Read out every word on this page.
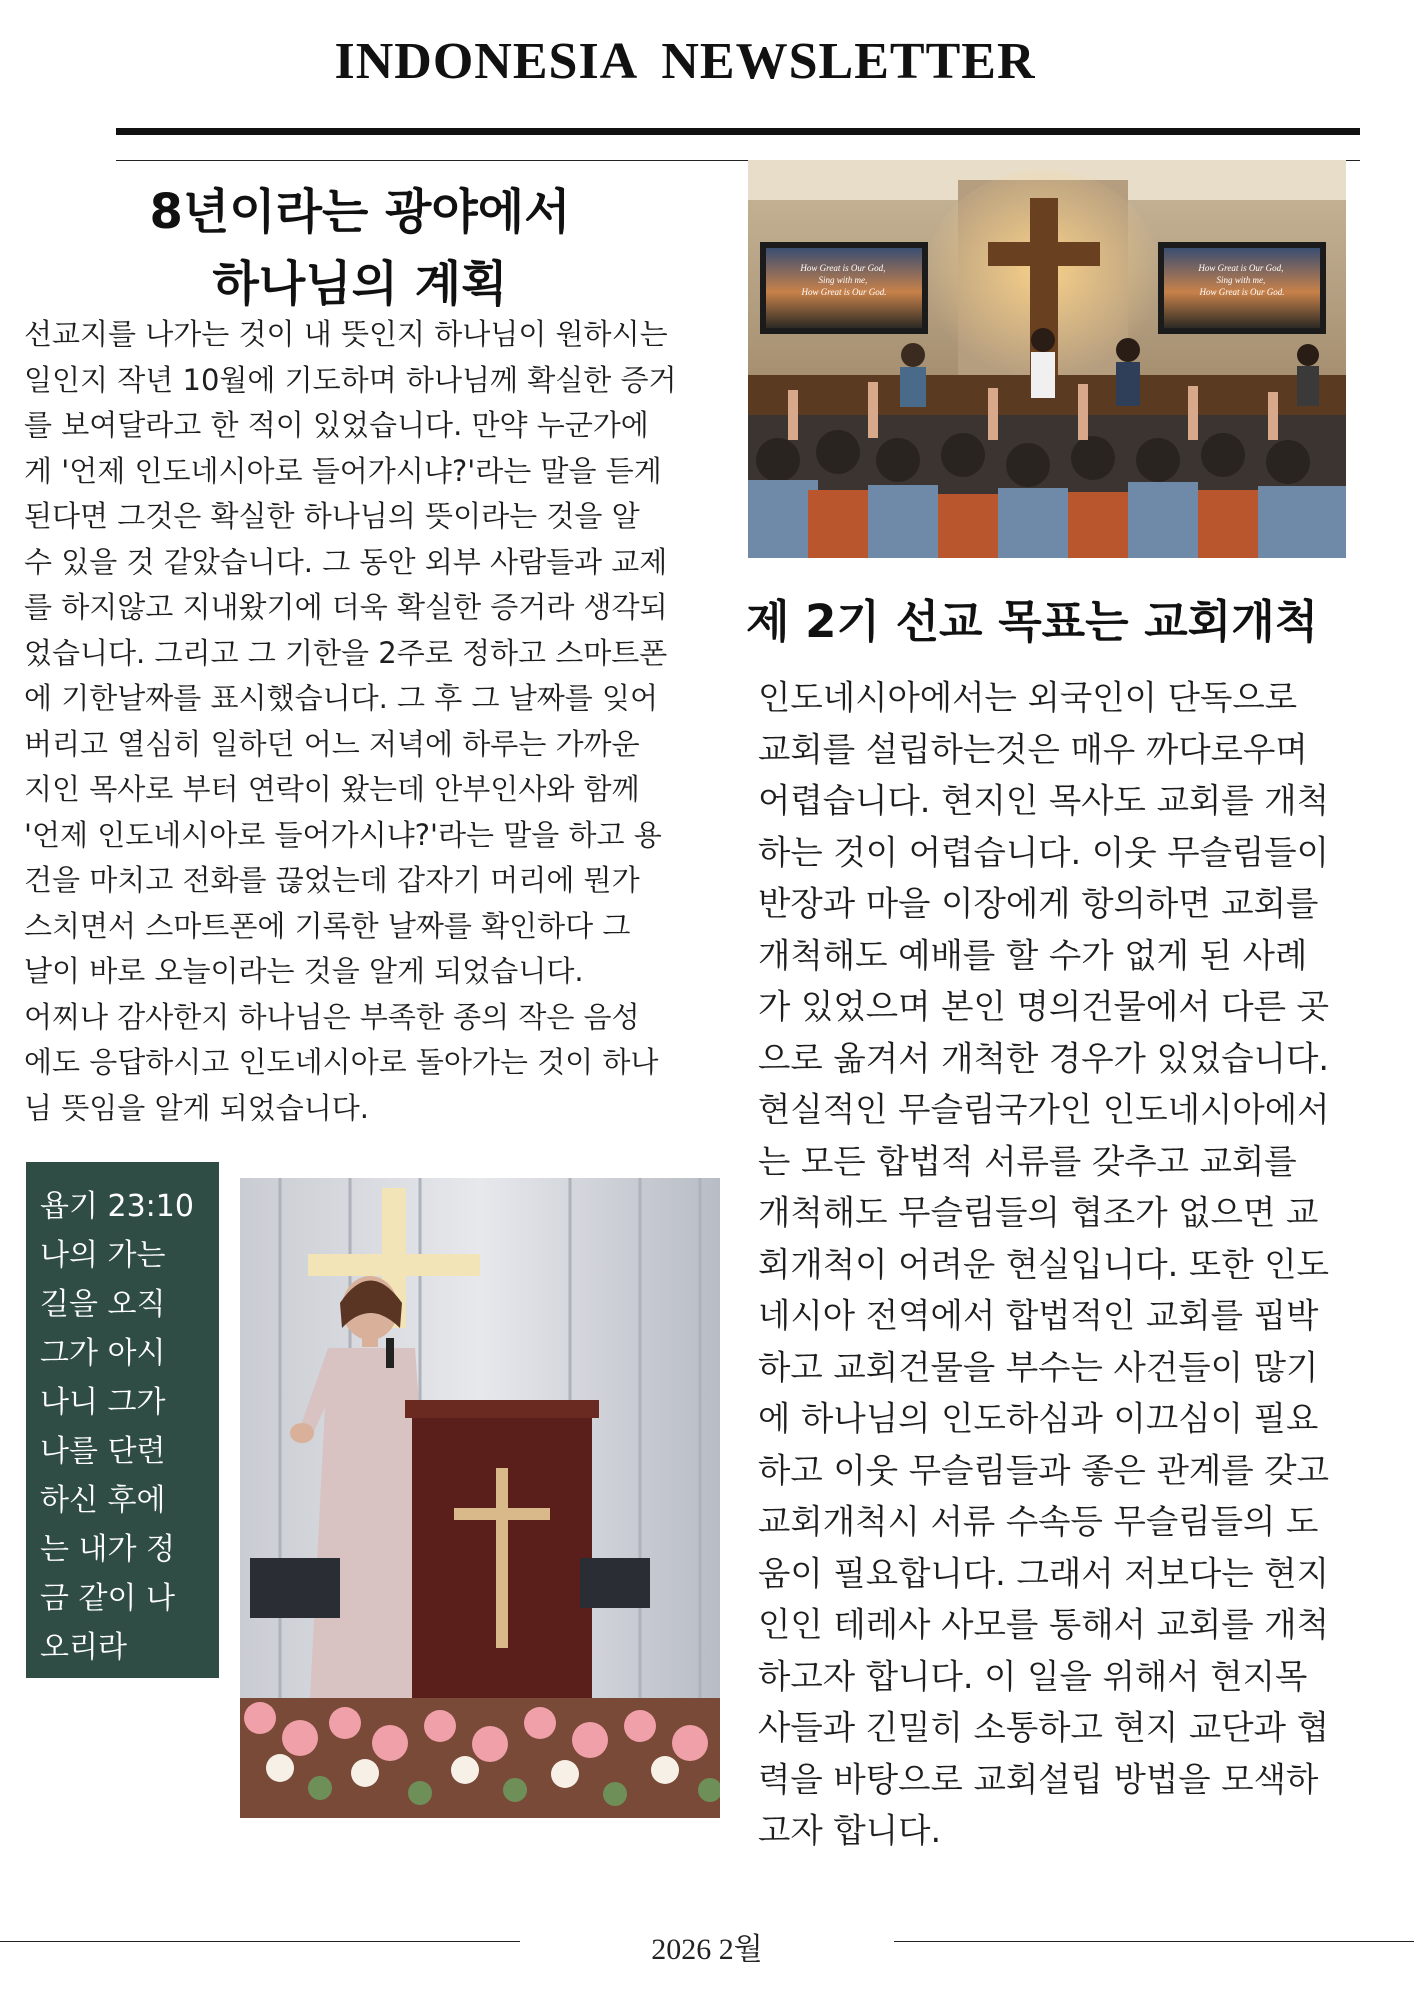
INDONESIA NEWSLETTER
8년이라는 광야에서
하나님의 계획
선교지를 나가는 것이 내 뜻인지 하나님이 원하시는
일인지 작년 10월에 기도하며 하나님께 확실한 증거
를 보여달라고 한 적이 있었습니다. 만약 누군가에
게 '언제 인도네시아로 들어가시냐?'라는 말을 듣게
된다면 그것은 확실한 하나님의 뜻이라는 것을 알
수 있을 것 같았습니다. 그 동안 외부 사람들과 교제
를 하지않고 지내왔기에 더욱 확실한 증거라 생각되
었습니다. 그리고 그 기한을 2주로 정하고 스마트폰
에 기한날짜를 표시했습니다. 그 후 그 날짜를 잊어
버리고 열심히 일하던 어느 저녁에 하루는 가까운
지인 목사로 부터 연락이 왔는데 안부인사와 함께
'언제 인도네시아로 들어가시냐?'라는 말을 하고 용
건을 마치고 전화를 끊었는데 갑자기 머리에 뭔가
스치면서 스마트폰에 기록한 날짜를 확인하다 그
날이 바로 오늘이라는 것을 알게 되었습니다.
어찌나 감사한지 하나님은 부족한 종의 작은 음성
에도 응답하시고 인도네시아로 돌아가는 것이 하나
님 뜻임을 알게 되었습니다.
욥기 23:10
나의 가는
길을 오직
그가 아시
나니 그가
나를 단련
하신 후에
는 내가 정
금 같이 나
오리라
How Great is Our God, Sing with me, How Great is Our God.
How Great is Our God, Sing with me, How Great is Our God.
제 2기 선교 목표는 교회개척
인도네시아에서는 외국인이 단독으로
교회를 설립하는것은 매우 까다로우며
어렵습니다. 현지인 목사도 교회를 개척
하는 것이 어렵습니다. 이웃 무슬림들이
반장과 마을 이장에게 항의하면 교회를
개척해도 예배를 할 수가 없게 된 사례
가 있었으며 본인 명의건물에서 다른 곳
으로 옮겨서 개척한 경우가 있었습니다.
현실적인 무슬림국가인 인도네시아에서
는 모든 합법적 서류를 갖추고 교회를
개척해도 무슬림들의 협조가 없으면 교
회개척이 어려운 현실입니다. 또한 인도
네시아 전역에서 합법적인 교회를 핍박
하고 교회건물을 부수는 사건들이 많기
에 하나님의 인도하심과 이끄심이 필요
하고 이웃 무슬림들과 좋은 관계를 갖고
교회개척시 서류 수속등 무슬림들의 도
움이 필요합니다. 그래서 저보다는 현지
인인 테레사 사모를 통해서 교회를 개척
하고자 합니다. 이 일을 위해서 현지목
사들과 긴밀히 소통하고 현지 교단과 협
력을 바탕으로 교회설립 방법을 모색하
고자 합니다.
2026 2월
